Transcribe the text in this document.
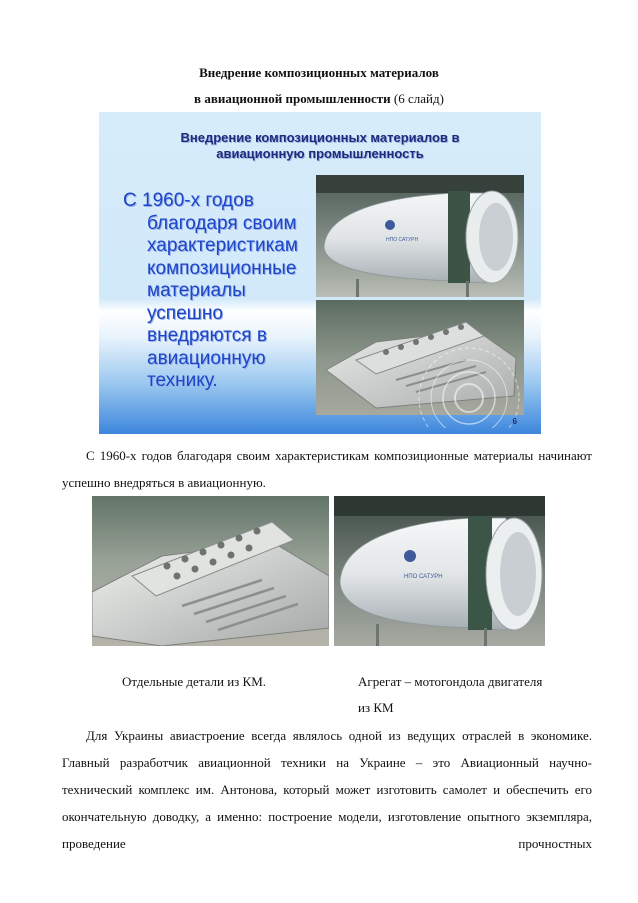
Внедрение композиционных материалов
в авиационной промышленности (6 слайд)
Внедрение композиционных материалов в
авиационную промышленность
С 1960-х годов
благодаря своим
характеристикам
композиционные
материалы
успешно
внедряются в
авиационную
технику.
НПО САТУРН
6
С 1960-х годов благодаря своим характеристикам композиционные материалы начинают успешно внедряться в авиационную.
НПО САТУРН
Отдельные детали из КМ.	Агрегат – мотогондола двигателя
из КМ
Для Украины авиастроение всегда являлось одной из ведущих отраслей в экономике. Главный разработчик авиационной техники на Украине – это Авиационный научно-технический комплекс им. Антонова, который может изготовить самолет и обеспечить его окончательную доводку, а именно: построение модели, изготовление опытного экземпляра, проведение прочностных
